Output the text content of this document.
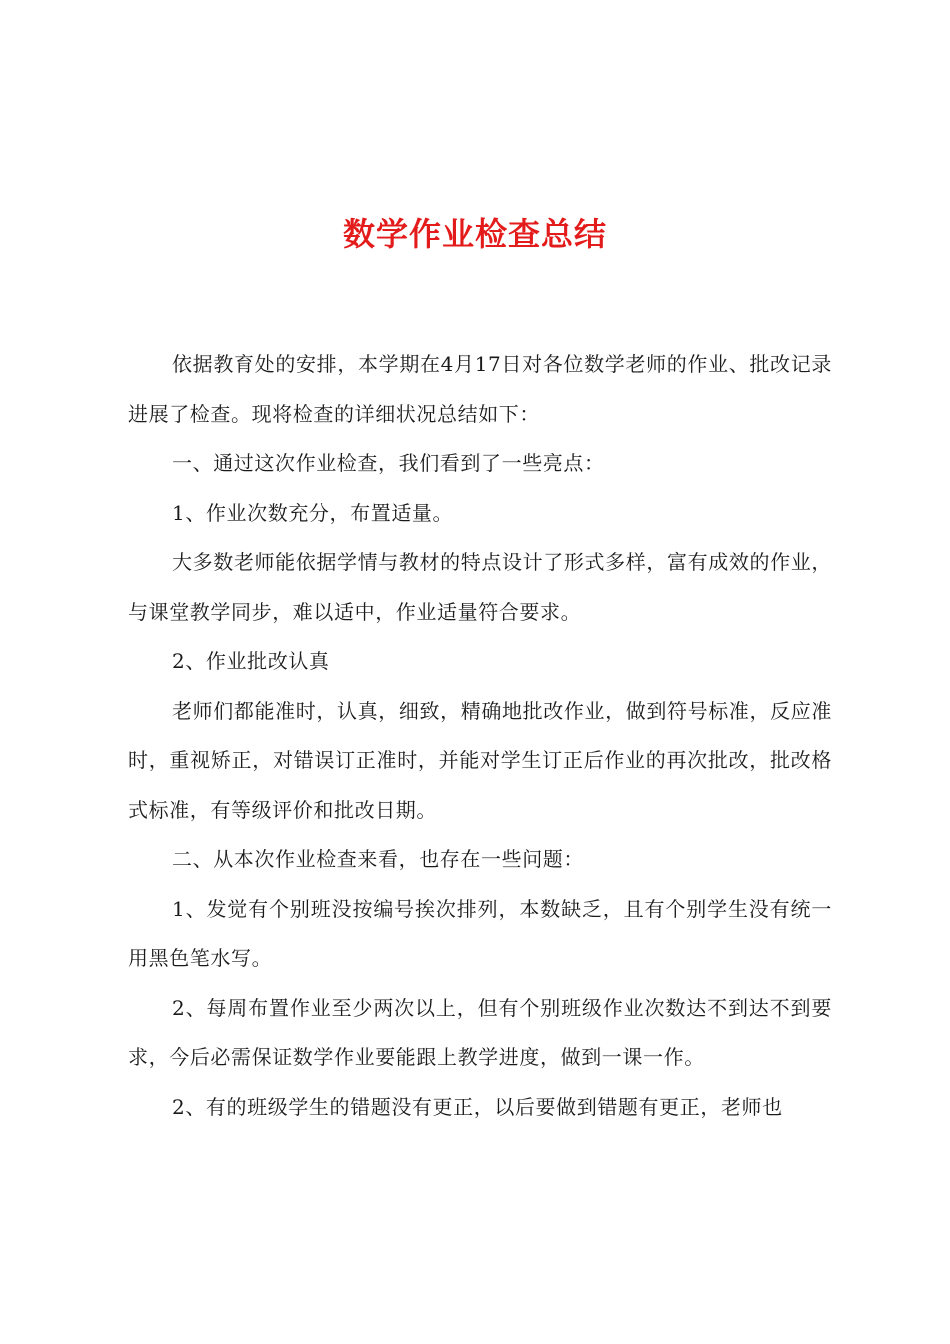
数学作业检查总结

依据教育处的安排，本学期在4月17日对各位数学老师的作业、批改记录进展了检查。现将检查的详细状况总结如下：

一、通过这次作业检查，我们看到了一些亮点：

1、作业次数充分，布置适量。

大多数老师能依据学情与教材的特点设计了形式多样，富有成效的作业，与课堂教学同步，难以适中，作业适量符合要求。

2、作业批改认真

老师们都能准时，认真，细致，精确地批改作业，做到符号标准，反应准时，重视矫正，对错误订正准时，并能对学生订正后作业的再次批改，批改格式标准，有等级评价和批改日期。

二、从本次作业检查来看，也存在一些问题：

1、发觉有个别班没按编号挨次排列，本数缺乏，且有个别学生没有统一用黑色笔水写。

2、每周布置作业至少两次以上，但有个别班级作业次数达不到达不到要求，今后必需保证数学作业要能跟上教学进度，做到一课一作。

2、有的班级学生的错题没有更正，以后要做到错题有更正，老师也
